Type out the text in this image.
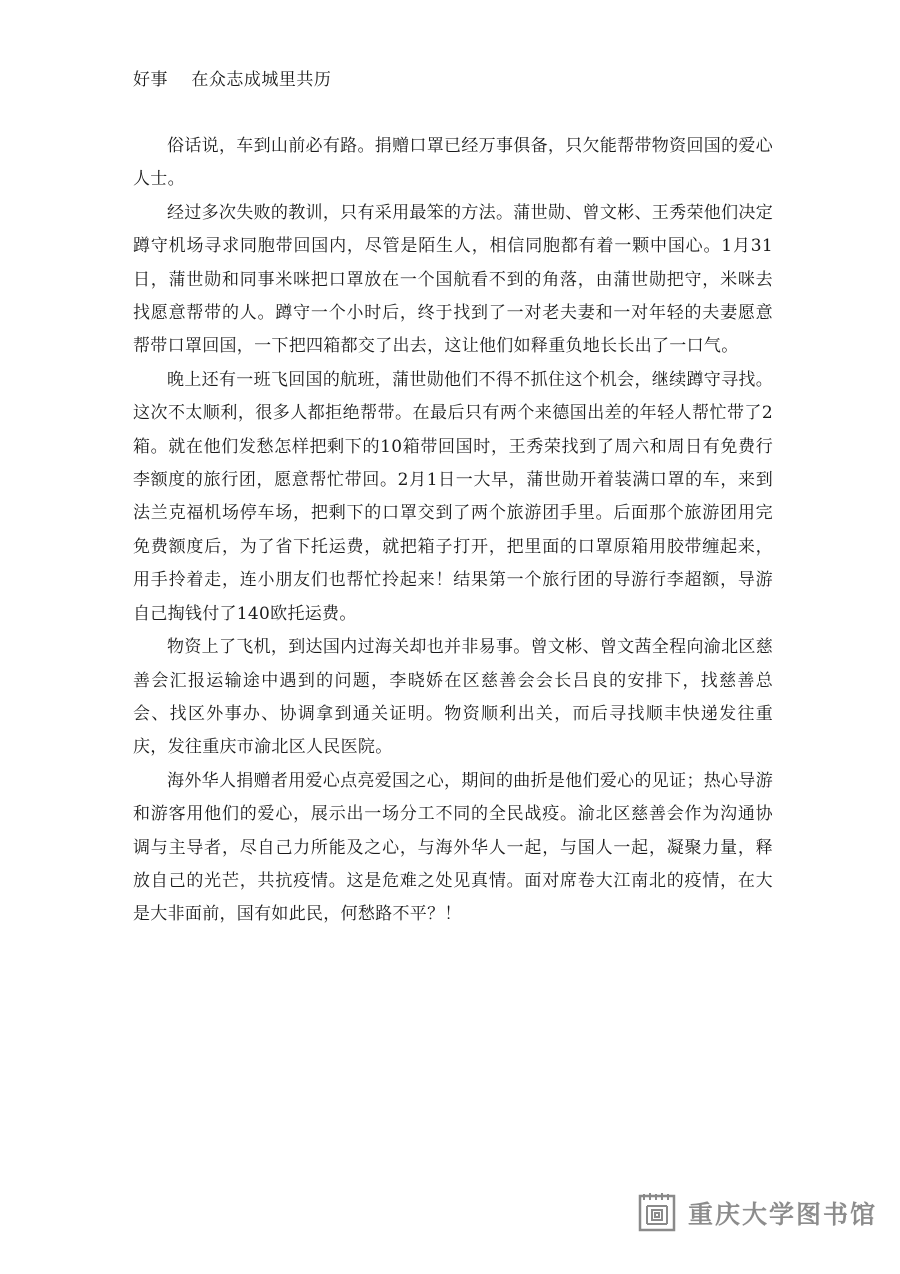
好事　 在众志成城里共历

俗话说，车到山前必有路。捐赠口罩已经万事俱备，只欠能帮带物资回国的爱心人士。

经过多次失败的教训，只有采用最笨的方法。蒲世勋、曾文彬、王秀荣他们决定蹲守机场寻求同胞带回国内，尽管是陌生人，相信同胞都有着一颗中国心。1月31日，蒲世勋和同事米咪把口罩放在一个国航看不到的角落，由蒲世勋把守，米咪去找愿意帮带的人。蹲守一个小时后，终于找到了一对老夫妻和一对年轻的夫妻愿意帮带口罩回国，一下把四箱都交了出去，这让他们如释重负地长长出了一口气。

晚上还有一班飞回国的航班，蒲世勋他们不得不抓住这个机会，继续蹲守寻找。这次不太顺利，很多人都拒绝帮带。在最后只有两个来德国出差的年轻人帮忙带了2箱。就在他们发愁怎样把剩下的10箱带回国时，王秀荣找到了周六和周日有免费行李额度的旅行团，愿意帮忙带回。2月1日一大早，蒲世勋开着装满口罩的车，来到法兰克福机场停车场，把剩下的口罩交到了两个旅游团手里。后面那个旅游团用完免费额度后，为了省下托运费，就把箱子打开，把里面的口罩原箱用胶带缠起来，用手拎着走，连小朋友们也帮忙拎起来！结果第一个旅行团的导游行李超额，导游自己掏钱付了140欧托运费。

物资上了飞机，到达国内过海关却也并非易事。曾文彬、曾文茜全程向渝北区慈善会汇报运输途中遇到的问题，李晓娇在区慈善会会长吕良的安排下，找慈善总会、找区外事办、协调拿到通关证明。物资顺利出关，而后寻找顺丰快递发往重庆，发往重庆市渝北区人民医院。

海外华人捐赠者用爱心点亮爱国之心，期间的曲折是他们爱心的见证；热心导游和游客用他们的爱心，展示出一场分工不同的全民战疫。渝北区慈善会作为沟通协调与主导者，尽自己力所能及之心，与海外华人一起，与国人一起，凝聚力量，释放自己的光芒，共抗疫情。这是危难之处见真情。面对席卷大江南北的疫情，在大是大非面前，国有如此民，何愁路不平？！

重庆大学图书馆
